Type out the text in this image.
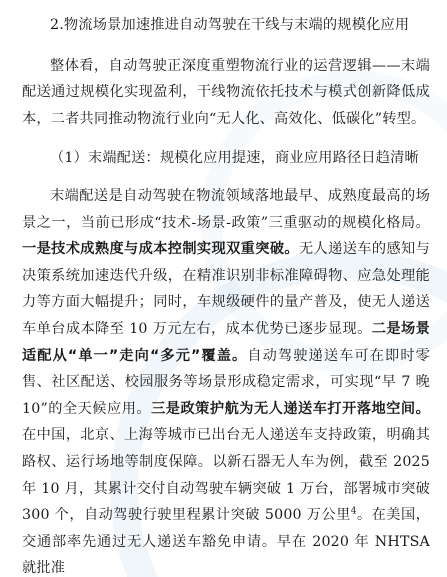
2.物流场景加速推进自动驾驶在干线与末端的规模化应用

整体看，自动驾驶正深度重塑物流行业的运营逻辑——末端配送通过规模化实现盈利，干线物流依托技术与模式创新降低成本，二者共同推动物流行业向“无人化、高效化、低碳化”转型。

（1）末端配送：规模化应用提速，商业应用路径日趋清晰

末端配送是自动驾驶在物流领域落地最早、成熟度最高的场景之一，当前已形成“技术-场景-政策”三重驱动的规模化格局。一是技术成熟度与成本控制实现双重突破。无人递送车的感知与决策系统加速迭代升级，在精准识别非标准障碍物、应急处理能力等方面大幅提升；同时，车规级硬件的量产普及，使无人递送车单台成本降至 10 万元左右，成本优势已逐步显现。二是场景适配从“单一”走向“多元”覆盖。自动驾驶递送车可在即时零售、社区配送、校园服务等场景形成稳定需求，可实现“早 7 晚 10”的全天候应用。三是政策护航为无人递送车打开落地空间。在中国，北京、上海等城市已出台无人递送车支持政策，明确其路权、运行场地等制度保障。以新石器无人车为例，截至 2025 年 10 月，其累计交付自动驾驶车辆突破 1 万台，部署城市突破 300 个，自动驾驶行驶里程累计突破 5000 万公里$^4$。在美国，交通部率先通过无人递送车豁免申请。早在 2020 年 NHTSA 就批准
